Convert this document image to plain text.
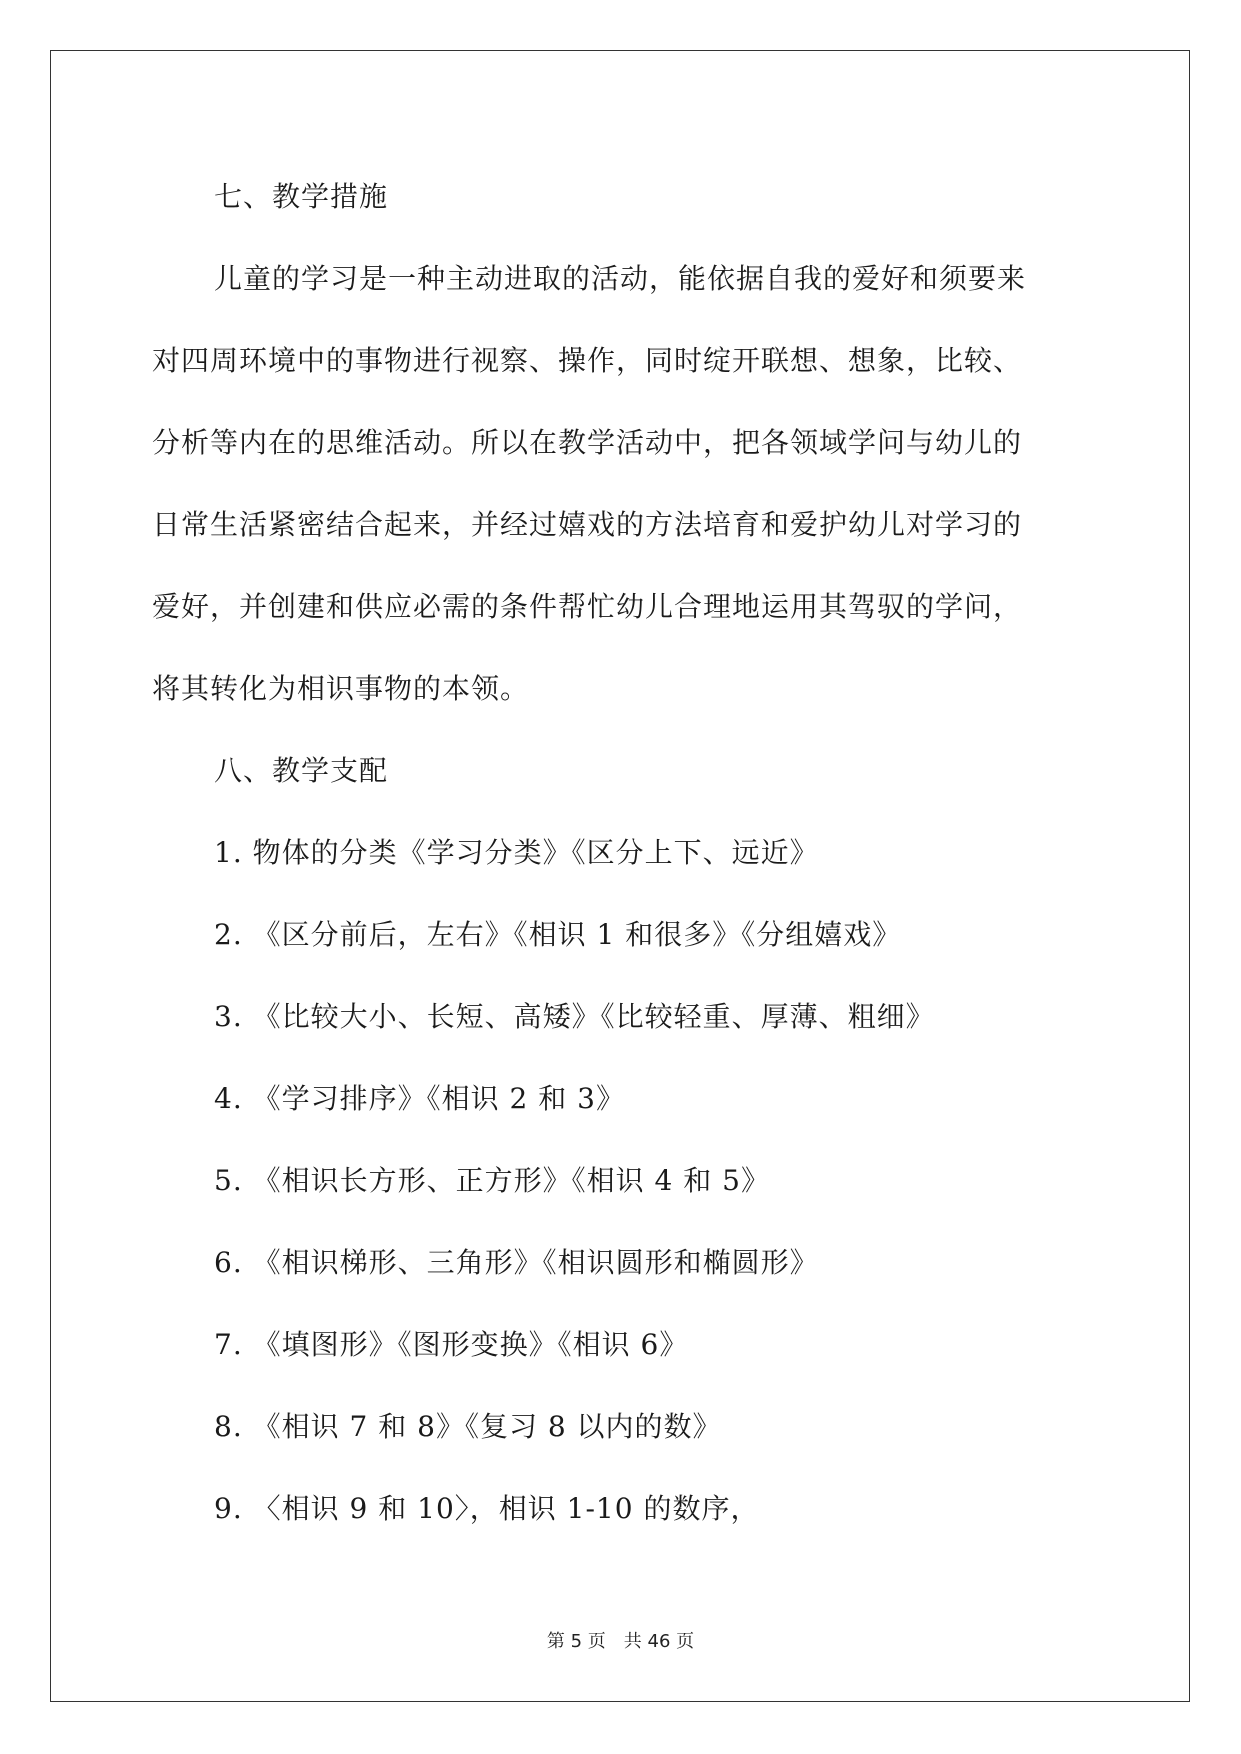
七、教学措施
儿童的学习是一种主动进取的活动，能依据自我的爱好和须要来
对四周环境中的事物进行视察、操作，同时绽开联想、想象，比较、
分析等内在的思维活动。所以在教学活动中，把各领域学问与幼儿的
日常生活紧密结合起来，并经过嬉戏的方法培育和爱护幼儿对学习的
爱好，并创建和供应必需的条件帮忙幼儿合理地运用其驾驭的学问，
将其转化为相识事物的本领。
八、教学支配
1. 物体的分类《学习分类》《区分上下、远近》
2. 《区分前后，左右》《相识 1 和很多》《分组嬉戏》
3. 《比较大小、长短、高矮》《比较轻重、厚薄、粗细》
4. 《学习排序》《相识 2 和 3》
5. 《相识长方形、正方形》《相识 4 和 5》
6. 《相识梯形、三角形》《相识圆形和椭圆形》
7. 《填图形》《图形变换》《相识 6》
8. 《相识 7 和 8》《复习 8 以内的数》
9. 〈相识 9 和 10〉，相识 1-10 的数序，
第 5 页　共 46 页
